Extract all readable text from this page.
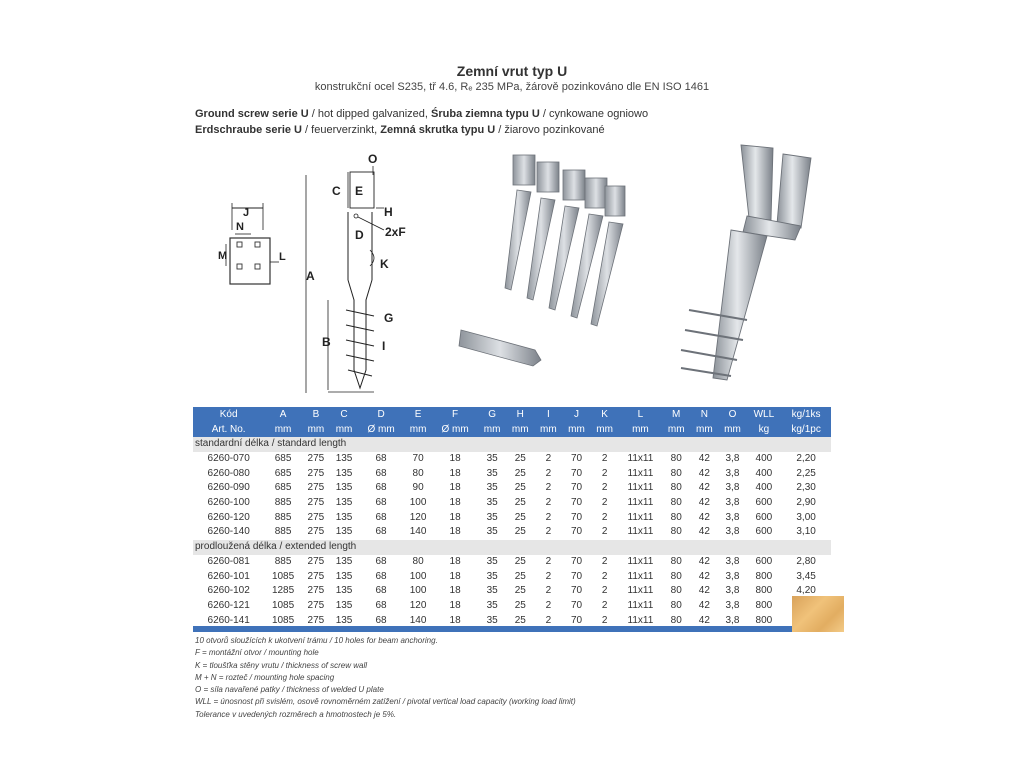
Zemní vrut typ U
konstrukční ocel S235, tř 4.6, Rₑ 235 MPa, žárově pozinkováno dle EN ISO 1461
Ground screw serie U / hot dipped galvanized, Śruba ziemna typu U / cynkowane ogniowo
Erdschraube serie U / feuerverzinkt, Zemná skrutka typu U / žiarovo pozinkované
J
N
M	L
O
C E
H
D 2xF
K
A
G
B	I
Kód	A	B	C	D	E	F	G	H	I	J	K	L	M	N	O	WLL	kg/1ks
Art. No.	mm	mm	mm	Ø mm	mm	Ø mm	mm	mm	mm	mm	mm	mm	mm	mm	mm	kg	kg/1pc
standardní délka / standard length																	
6260-070	685	275	135	68	70	18	35	25	2	70	2	11x11	80	42	3,8	400	2,20
6260-080	685	275	135	68	80	18	35	25	2	70	2	11x11	80	42	3,8	400	2,25
6260-090	685	275	135	68	90	18	35	25	2	70	2	11x11	80	42	3,8	400	2,30
6260-100	885	275	135	68	100	18	35	25	2	70	2	11x11	80	42	3,8	600	2,90
6260-120	885	275	135	68	120	18	35	25	2	70	2	11x11	80	42	3,8	600	3,00
6260-140	885	275	135	68	140	18	35	25	2	70	2	11x11	80	42	3,8	600	3,10
prodloužená délka / extended length																	
6260-081	885	275	135	68	80	18	35	25	2	70	2	11x11	80	42	3,8	600	2,80
6260-101	1085	275	135	68	100	18	35	25	2	70	2	11x11	80	42	3,8	800	3,45
6260-102	1285	275	135	68	100	18	35	25	2	70	2	11x11	80	42	3,8	800	4,20
6260-121	1085	275	135	68	120	18	35	25	2	70	2	11x11	80	42	3,8	800	
6260-141	1085	275	135	68	140	18	35	25	2	70	2	11x11	80	42	3,8	800	
10 otvorů sloužících k ukotvení trámu / 10 holes for beam anchoring.
F = montážní otvor / mounting hole
K = tloušťka stěny vrutu / thickness of screw wall
M + N = rozteč / mounting hole spacing
O = síla navařené patky / thickness of welded U plate
WLL = únosnost při svislém, osově rovnoměrném zatížení / pivotal vertical load capacity (working load limit)
Tolerance v uvedených rozměrech a hmotnostech je 5%.
